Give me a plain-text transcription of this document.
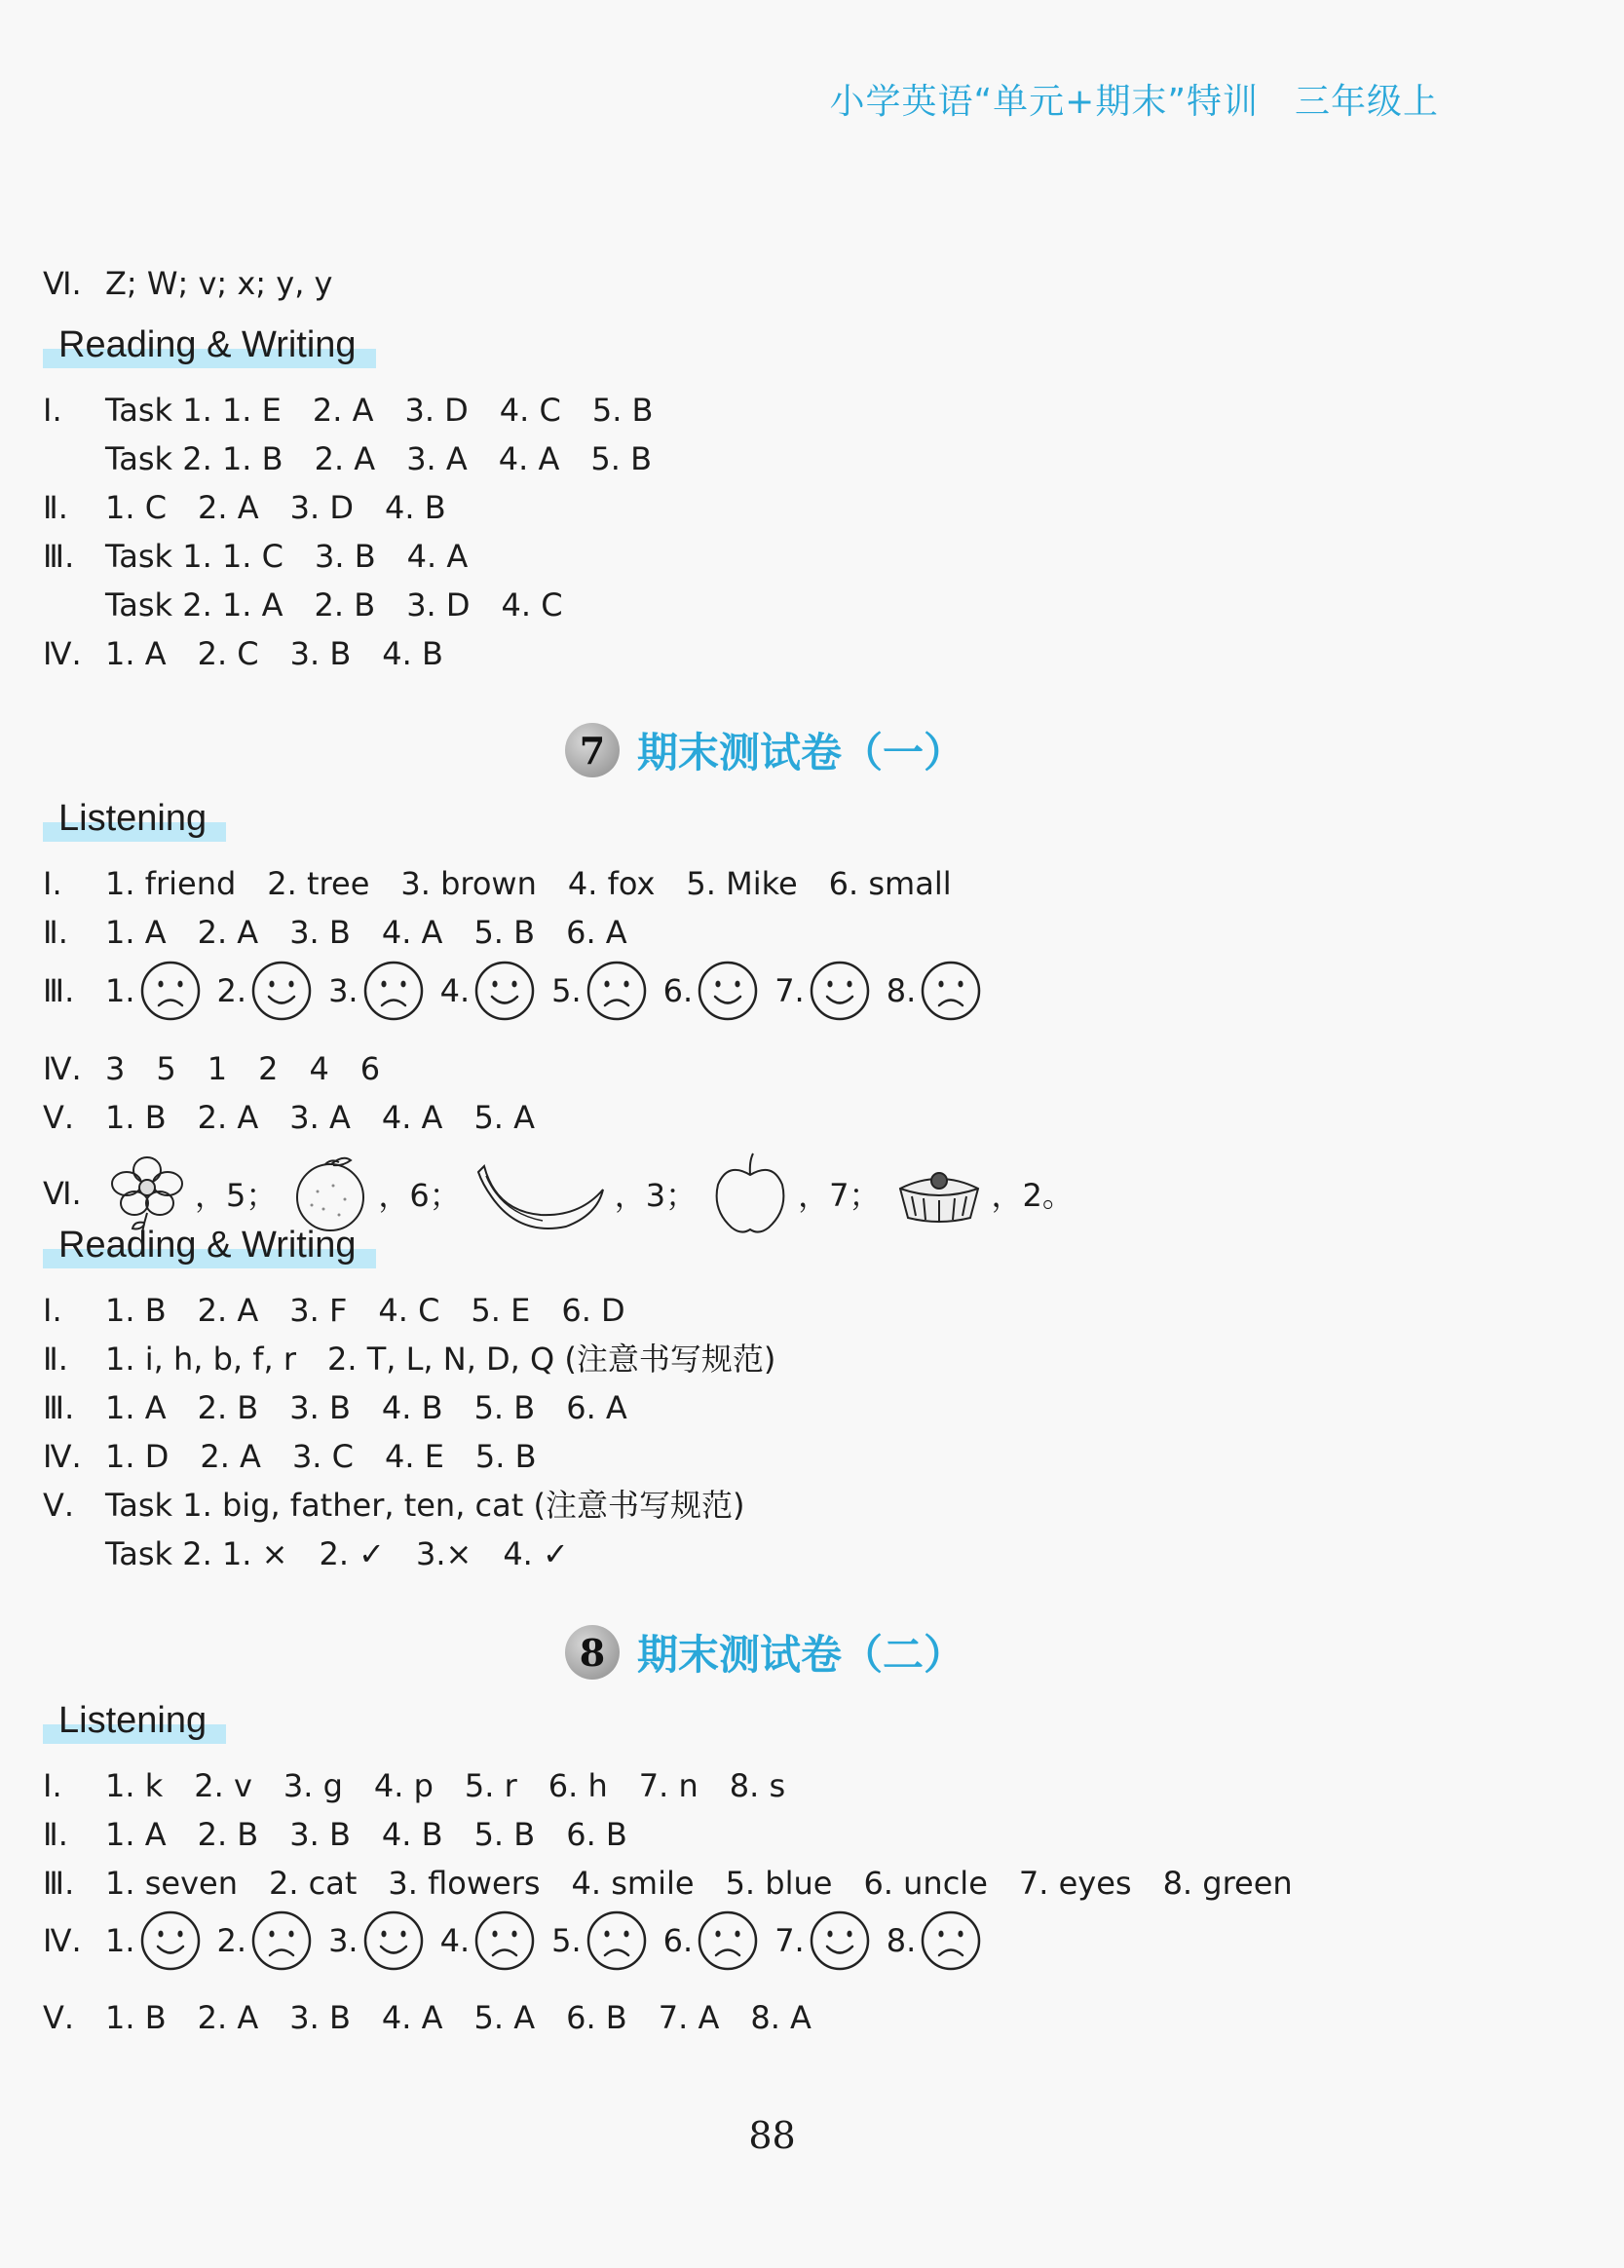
小学英语“单元+期末”特训　三年级上
Ⅵ. Z; W; v; x; y, y
Reading & Writing
Ⅰ. Task 1. 1. E　2. A　3. D　4. C　5. B
Task 2. 1. B　2. A　3. A　4. A　5. B
Ⅱ. 1. C　2. A　3. D　4. B
Ⅲ. Task 1. 1. C　3. B　4. A
Task 2. 1. A　2. B　3. D　4. C
Ⅳ. 1. A　2. C　3. B　4. B
7 期末测试卷（一）
Listening
Ⅰ. 1. friend　2. tree　3. brown　4. fox　5. Mike　6. small
Ⅱ. 1. A　2. A　3. B　4. A　5. B　6. A
Ⅲ. 1.	2.	3.	4.	5.	6.	7.	8.
Ⅳ. 3　5　1　2　4　6
Ⅴ. 1. B　2. A　3. A　4. A　5. A
Ⅵ.	，5；	，6；	，3；	，7；	，2。
Reading & Writing
Ⅰ. 1. B　2. A　3. F　4. C　5. E　6. D
Ⅱ. 1. i, h, b, f, r　2. T, L, N, D, Q (注意书写规范)
Ⅲ. 1. A　2. B　3. B　4. B　5. B　6. A
Ⅳ. 1. D　2. A　3. C　4. E　5. B
Ⅴ. Task 1. big, father, ten, cat (注意书写规范)
Task 2. 1. ×　2. ✓　3.×　4. ✓
8 期末测试卷（二）
Listening
Ⅰ. 1. k　2. v　3. g　4. p　5. r　6. h　7. n　8. s
Ⅱ. 1. A　2. B　3. B　4. B　5. B　6. B
Ⅲ. 1. seven　2. cat　3. flowers　4. smile　5. blue　6. uncle　7. eyes　8. green
Ⅳ. 1.	2.	3.	4.	5.	6.	7.	8.
Ⅴ. 1. B　2. A　3. B　4. A　5. A　6. B　7. A　8. A
88
